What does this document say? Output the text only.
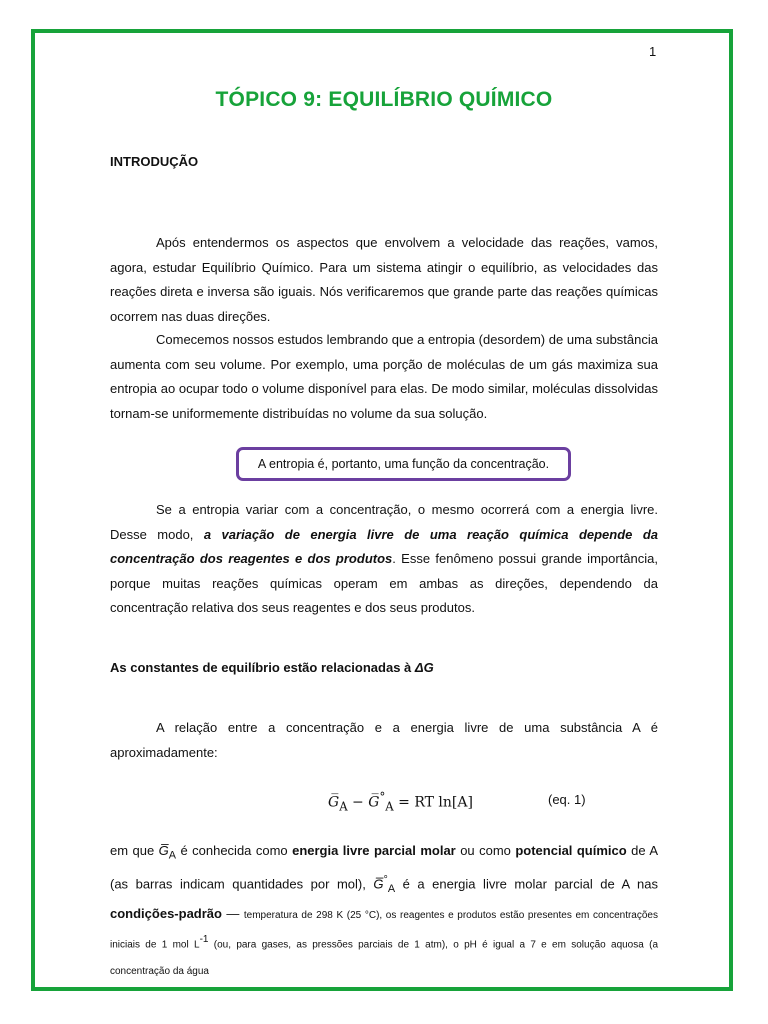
1
TÓPICO 9: EQUILÍBRIO QUÍMICO
INTRODUÇÃO

Após entendermos os aspectos que envolvem a velocidade das reações, vamos, agora, estudar Equilíbrio Químico. Para um sistema atingir o equilíbrio, as velocidades das reações direta e inversa são iguais. Nós verificaremos que grande parte das reações químicas ocorrem nas duas direções.

Comecemos nossos estudos lembrando que a entropia (desordem) de uma substância aumenta com seu volume. Por exemplo, uma porção de moléculas de um gás maximiza sua entropia ao ocupar todo o volume disponível para elas. De modo similar, moléculas dissolvidas tornam-se uniformemente distribuídas no volume da sua solução.

A entropia é, portanto, uma função da concentração.

Se a entropia variar com a concentração, o mesmo ocorrerá com a energia livre. Desse modo, a variação de energia livre de uma reação química depende da concentração dos reagentes e dos produtos. Esse fenômeno possui grande importância, porque muitas reações químicas operam em ambas as direções, dependendo da concentração relativa dos seus reagentes e dos seus produtos.

As constantes de equilíbrio estão relacionadas à ΔG

A relação entre a concentração e a energia livre de uma substância A é aproximadamente:

$G̅_A$ − $G̅^\circ_A$ = RT ln[A]	(eq. 1)

em que $G̅_A$ é conhecida como energia livre parcial molar ou como potencial químico de A (as barras indicam quantidades por mol), $G̅^\circ_A$ é a energia livre molar parcial de A nas condições-padrão — temperatura de 298 K (25 °C), os reagentes e produtos estão presentes em concentrações iniciais de 1 mol $L^{-1}$ (ou, para gases, as pressões parciais de 1 atm), o pH é igual a 7 e em solução aquosa (a concentração da água
